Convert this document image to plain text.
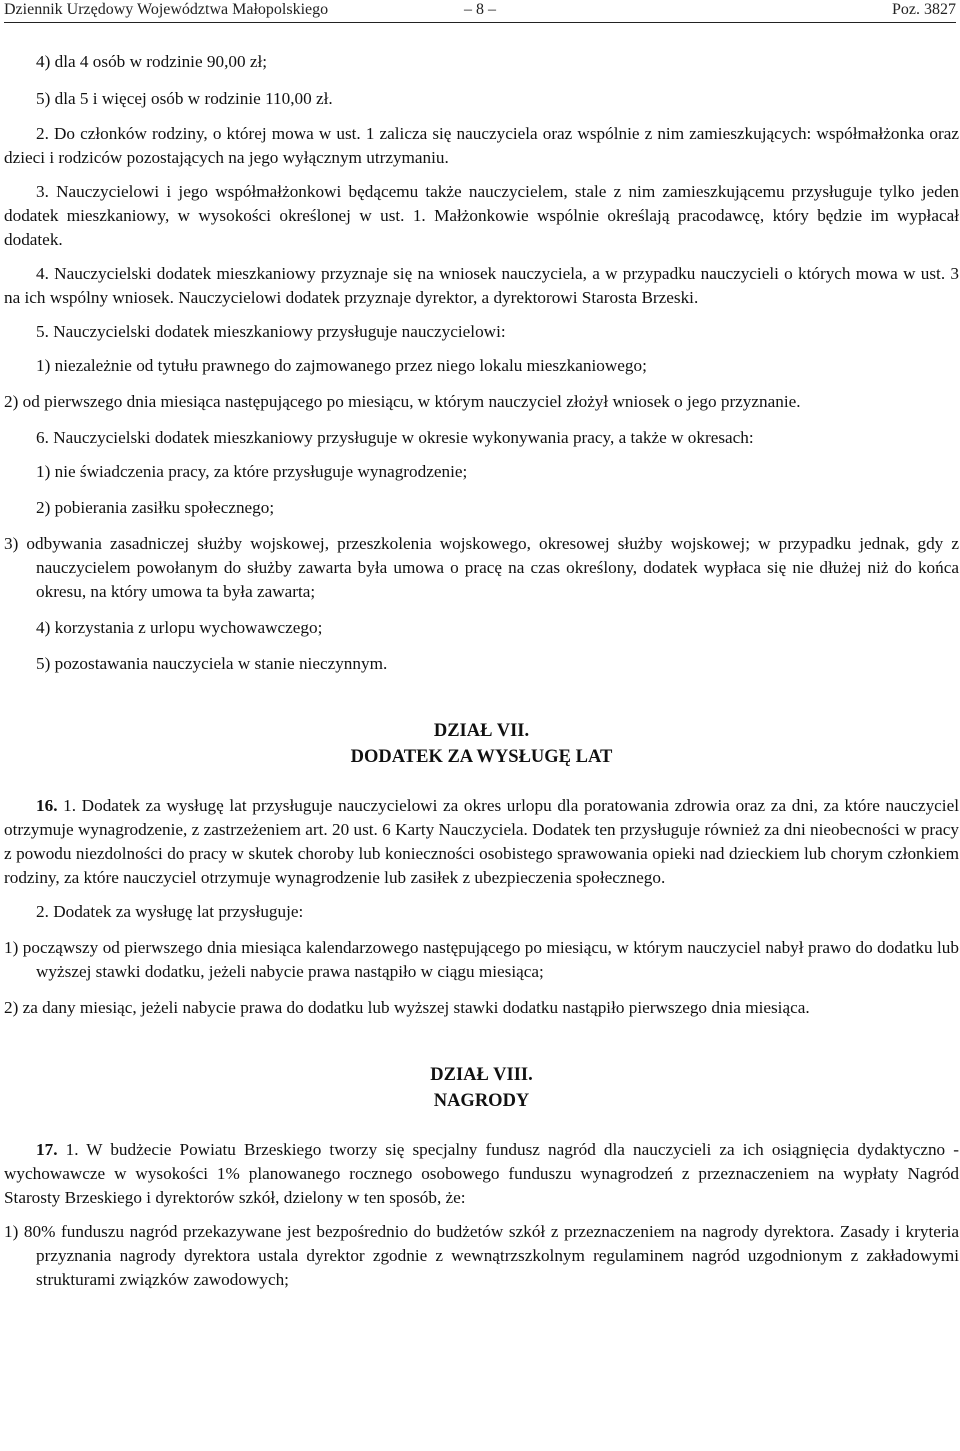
Dziennik Urzędowy Województwa Małopolskiego	– 8 –	Poz. 3827

4) dla 4 osób w rodzinie 90,00 zł;

5) dla 5 i więcej osób w rodzinie 110,00 zł.

2. Do członków rodziny, o której mowa w ust. 1 zalicza się nauczyciela oraz wspólnie z nim zamieszkujących: współmałżonka oraz dzieci i rodziców pozostających na jego wyłącznym utrzymaniu.

3. Nauczycielowi i jego współmałżonkowi będącemu także nauczycielem, stale z nim zamieszkującemu przysługuje tylko jeden dodatek mieszkaniowy, w wysokości określonej w ust. 1. Małżonkowie wspólnie określają pracodawcę, który będzie im wypłacał dodatek.

4. Nauczycielski dodatek mieszkaniowy przyznaje się na wniosek nauczyciela, a w przypadku nauczycieli o których mowa w ust. 3 na ich wspólny wniosek. Nauczycielowi dodatek przyznaje dyrektor, a dyrektorowi Starosta Brzeski.

5. Nauczycielski dodatek mieszkaniowy przysługuje nauczycielowi:

1) niezależnie od tytułu prawnego do zajmowanego przez niego lokalu mieszkaniowego;

2) od pierwszego dnia miesiąca następującego po miesiącu, w którym nauczyciel złożył wniosek o jego przyznanie.

6. Nauczycielski dodatek mieszkaniowy przysługuje w okresie wykonywania pracy, a także w okresach:

1) nie świadczenia pracy, za które przysługuje wynagrodzenie;

2) pobierania zasiłku społecznego;

3) odbywania zasadniczej służby wojskowej, przeszkolenia wojskowego, okresowej służby wojskowej; w przypadku jednak, gdy z nauczycielem powołanym do służby zawarta była umowa o pracę na czas określony, dodatek wypłaca się nie dłużej niż do końca okresu, na który umowa ta była zawarta;

4) korzystania z urlopu wychowawczego;

5) pozostawania nauczyciela w stanie nieczynnym.

DZIAŁ VII.
DODATEK ZA WYSŁUGĘ LAT

16. 1. Dodatek za wysługę lat przysługuje nauczycielowi za okres urlopu dla poratowania zdrowia oraz za dni, za które nauczyciel otrzymuje wynagrodzenie, z zastrzeżeniem art. 20 ust. 6 Karty Nauczyciela. Dodatek ten przysługuje również za dni nieobecności w pracy z powodu niezdolności do pracy w skutek choroby lub konieczności osobistego sprawowania opieki nad dzieckiem lub chorym członkiem rodziny, za które nauczyciel otrzymuje wynagrodzenie lub zasiłek z ubezpieczenia społecznego.

2. Dodatek za wysługę lat przysługuje:

1) począwszy od pierwszego dnia miesiąca kalendarzowego następującego po miesiącu, w którym nauczyciel nabył prawo do dodatku lub wyższej stawki dodatku, jeżeli nabycie prawa nastąpiło w ciągu miesiąca;

2) za dany miesiąc, jeżeli nabycie prawa do dodatku lub wyższej stawki dodatku nastąpiło pierwszego dnia miesiąca.

DZIAŁ VIII.
NAGRODY

17. 1. W budżecie Powiatu Brzeskiego tworzy się specjalny fundusz nagród dla nauczycieli za ich osiągnięcia dydaktyczno - wychowawcze w wysokości 1% planowanego rocznego osobowego funduszu wynagrodzeń z przeznaczeniem na wypłaty Nagród Starosty Brzeskiego i dyrektorów szkół, dzielony w ten sposób, że:

1) 80% funduszu nagród przekazywane jest bezpośrednio do budżetów szkół z przeznaczeniem na nagrody dyrektora. Zasady i kryteria przyznania nagrody dyrektora ustala dyrektor zgodnie z wewnątrzszkolnym regulaminem nagród uzgodnionym z zakładowymi strukturami związków zawodowych;
